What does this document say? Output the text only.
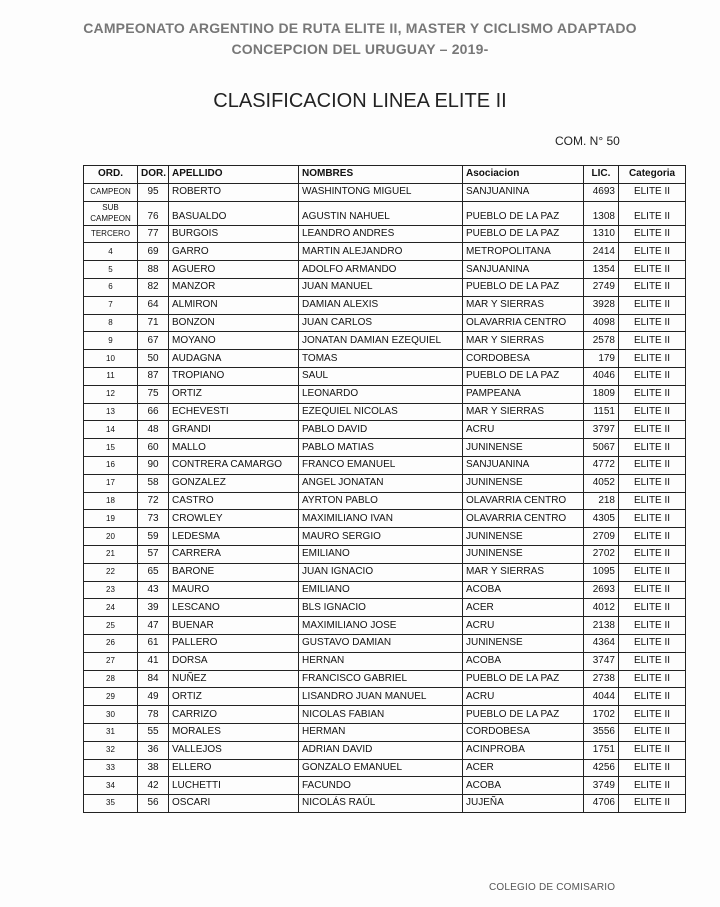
CAMPEONATO ARGENTINO DE RUTA ELITE II, MASTER Y CICLISMO ADAPTADO
CONCEPCION DEL URUGUAY – 2019-
CLASIFICACION LINEA ELITE II
COM. N° 50
ORD.	DOR.	APELLIDO	NOMBRES	Asociacion	LIC.	Categoria
CAMPEON	95	ROBERTO	WASHINTONG MIGUEL	SANJUANINA	4693	ELITE II
SUB CAMPEON	76	BASUALDO	AGUSTIN NAHUEL	PUEBLO DE LA PAZ	1308	ELITE II
TERCERO	77	BURGOIS	LEANDRO ANDRES	PUEBLO DE LA PAZ	1310	ELITE II
4	69	GARRO	MARTIN ALEJANDRO	METROPOLITANA	2414	ELITE II
5	88	AGUERO	ADOLFO ARMANDO	SANJUANINA	1354	ELITE II
6	82	MANZOR	JUAN MANUEL	PUEBLO DE LA PAZ	2749	ELITE II
7	64	ALMIRON	DAMIAN ALEXIS	MAR Y SIERRAS	3928	ELITE II
8	71	BONZON	JUAN CARLOS	OLAVARRIA CENTRO	4098	ELITE II
9	67	MOYANO	JONATAN DAMIAN EZEQUIEL	MAR Y SIERRAS	2578	ELITE II
10	50	AUDAGNA	TOMAS	CORDOBESA	179	ELITE II
11	87	TROPIANO	SAUL	PUEBLO DE LA PAZ	4046	ELITE II
12	75	ORTIZ	LEONARDO	PAMPEANA	1809	ELITE II
13	66	ECHEVESTI	EZEQUIEL NICOLAS	MAR Y SIERRAS	1151	ELITE II
14	48	GRANDI	PABLO DAVID	ACRU	3797	ELITE II
15	60	MALLO	PABLO MATIAS	JUNINENSE	5067	ELITE II
16	90	CONTRERA CAMARGO	FRANCO EMANUEL	SANJUANINA	4772	ELITE II
17	58	GONZALEZ	ANGEL JONATAN	JUNINENSE	4052	ELITE II
18	72	CASTRO	AYRTON PABLO	OLAVARRIA CENTRO	218	ELITE II
19	73	CROWLEY	MAXIMILIANO IVAN	OLAVARRIA CENTRO	4305	ELITE II
20	59	LEDESMA	MAURO SERGIO	JUNINENSE	2709	ELITE II
21	57	CARRERA	EMILIANO	JUNINENSE	2702	ELITE II
22	65	BARONE	JUAN IGNACIO	MAR Y SIERRAS	1095	ELITE II
23	43	MAURO	EMILIANO	ACOBA	2693	ELITE II
24	39	LESCANO	BLS IGNACIO	ACER	4012	ELITE II
25	47	BUENAR	MAXIMILIANO JOSE	ACRU	2138	ELITE II
26	61	PALLERO	GUSTAVO DAMIAN	JUNINENSE	4364	ELITE II
27	41	DORSA	HERNAN	ACOBA	3747	ELITE II
28	84	NUÑEZ	FRANCISCO GABRIEL	PUEBLO DE LA PAZ	2738	ELITE II
29	49	ORTIZ	LISANDRO JUAN MANUEL	ACRU	4044	ELITE II
30	78	CARRIZO	NICOLAS FABIAN	PUEBLO DE LA PAZ	1702	ELITE II
31	55	MORALES	HERMAN	CORDOBESA	3556	ELITE II
32	36	VALLEJOS	ADRIAN DAVID	ACINPROBA	1751	ELITE II
33	38	ELLERO	GONZALO EMANUEL	ACER	4256	ELITE II
34	42	LUCHETTI	FACUNDO	ACOBA	3749	ELITE II
35	56	OSCARI	NICOLÁS RAÚL	JUJEÑA	4706	ELITE II
COLEGIO DE COMISARIO
